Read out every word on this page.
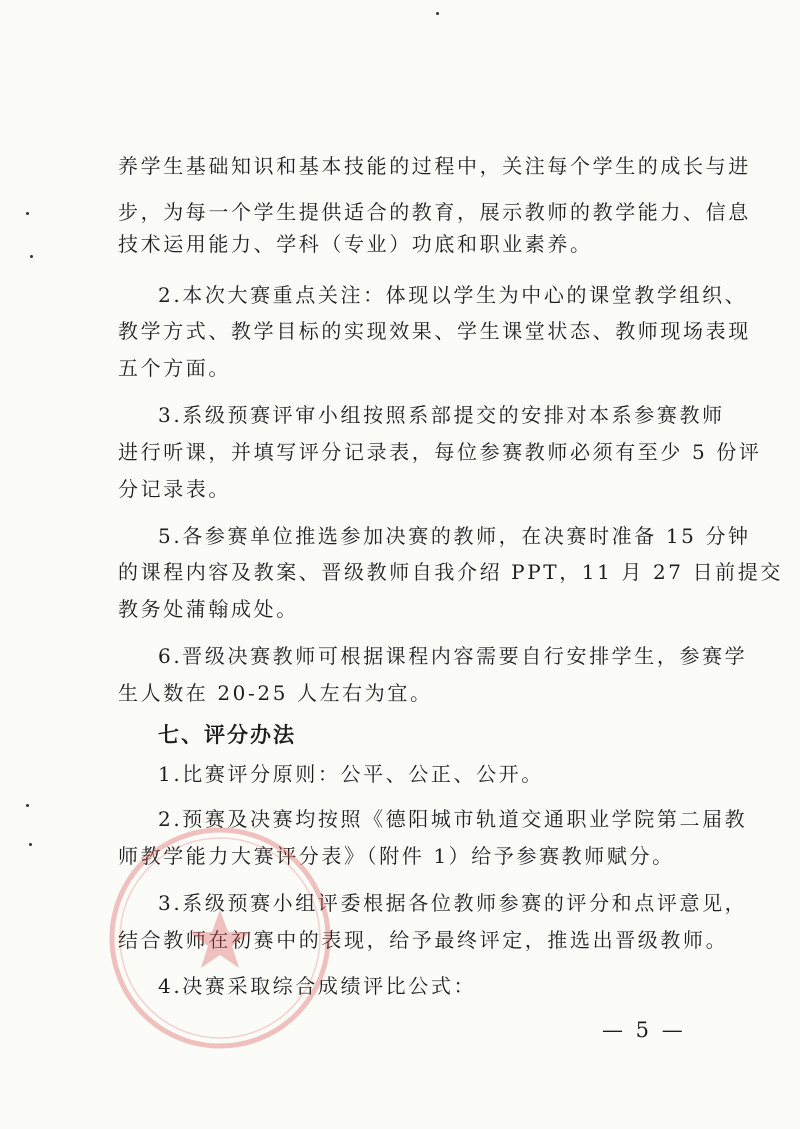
养学生基础知识和基本技能的过程中，关注每个学生的成长与进
步，为每一个学生提供适合的教育，展示教师的教学能力、信息
技术运用能力、学科（专业）功底和职业素养。
2.本次大赛重点关注：体现以学生为中心的课堂教学组织、
教学方式、教学目标的实现效果、学生课堂状态、教师现场表现
五个方面。
3.系级预赛评审小组按照系部提交的安排对本系参赛教师
进行听课，并填写评分记录表，每位参赛教师必须有至少 5 份评
分记录表。
5.各参赛单位推选参加决赛的教师，在决赛时准备 15 分钟
的课程内容及教案、晋级教师自我介绍 PPT，11 月 27 日前提交
教务处蒲翰成处。
6.晋级决赛教师可根据课程内容需要自行安排学生，参赛学
生人数在 20-25 人左右为宜。
七、评分办法
1.比赛评分原则：公平、公正、公开。
2.预赛及决赛均按照《德阳城市轨道交通职业学院第二届教
师教学能力大赛评分表》（附件 1）给予参赛教师赋分。
3.系级预赛小组评委根据各位教师参赛的评分和点评意见，
结合教师在初赛中的表现，给予最终评定，推选出晋级教师。
4.决赛采取综合成绩评比公式：
— 5 —
